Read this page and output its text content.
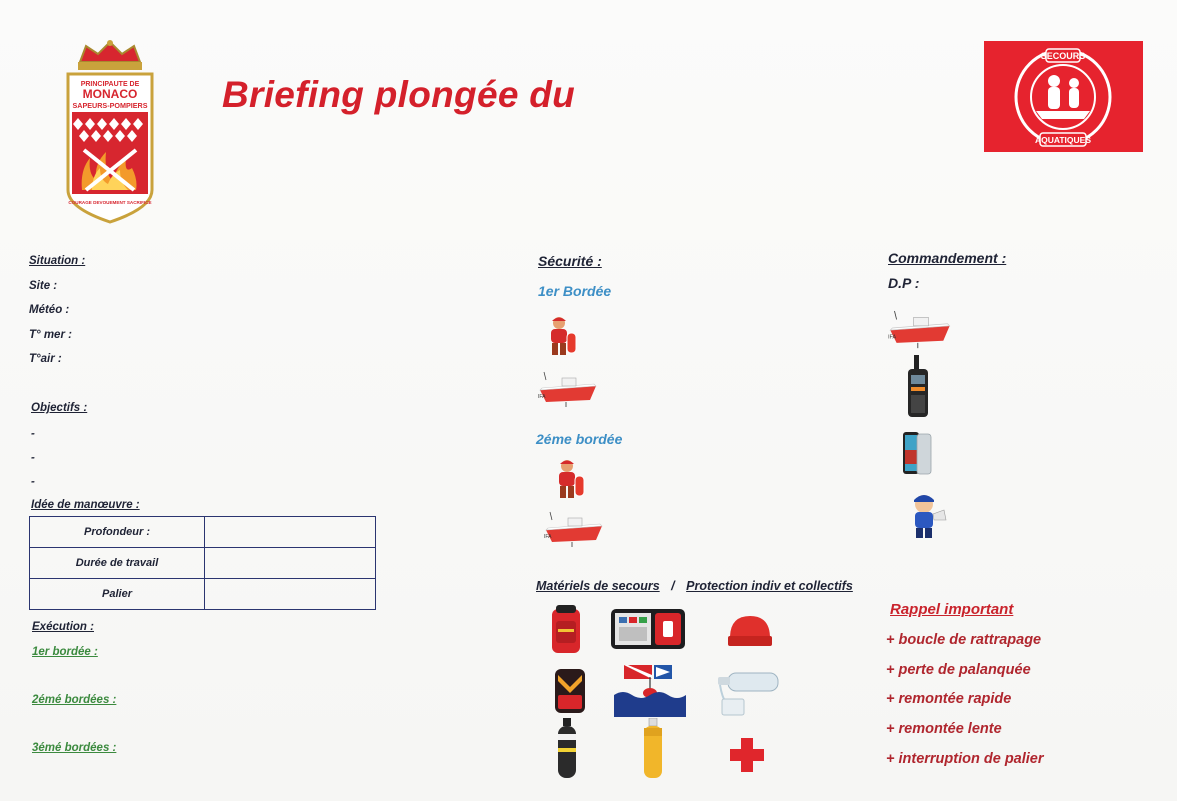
PRINCIPAUTE DE
MONACO
SAPEURS-POMPIERS
COURAGE DEVOUEMENT SACRIFICE
Briefing plongée du
SECOURS
AQUATIQUES
Situation :
Site :
Météo :
T° mer :
T°air :
Objectifs :
-
-
-
Idée de manœuvre :
Profondeur :	
Durée de travail	
Palier	
Exécution :
1er bordée :
2émé bordées :
3émé bordées :
Sécurité :
1er Bordée
IFA
2éme bordée
IFA
Matériels de secours / Protection indiv et collectifs
Commandement :
D.P :
IFA
Rappel important
+ boucle de rattrapage
+ perte de palanquée
+ remontée rapide
+ remontée lente
+ interruption de palier
